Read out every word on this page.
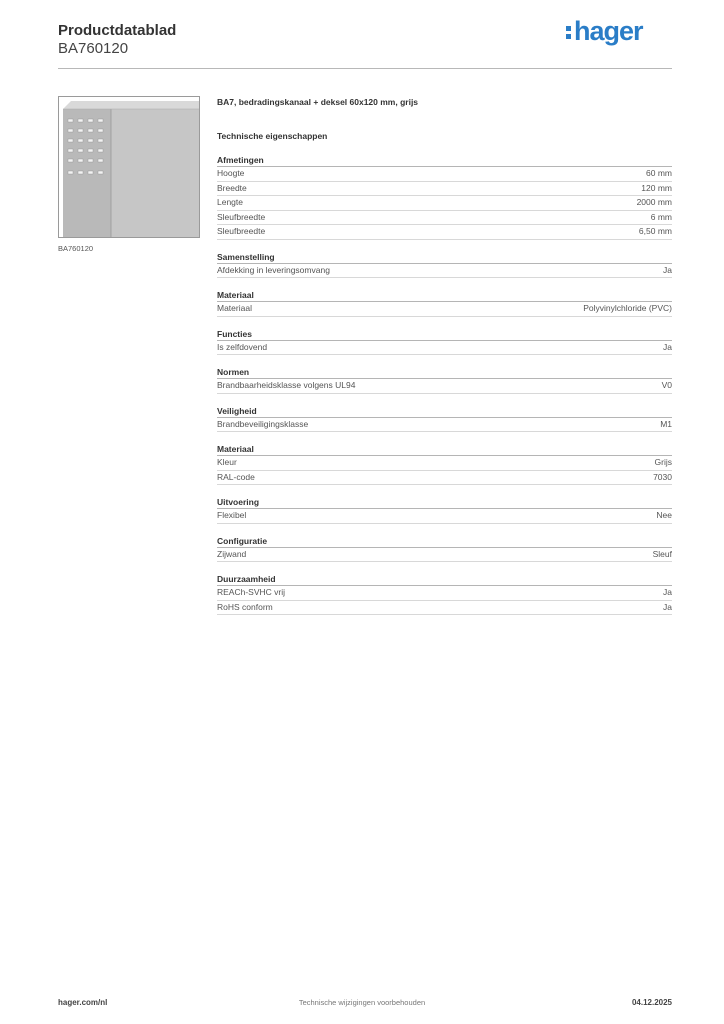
Productdatablad
BA760120
hager
BA760120
BA7, bedradingskanaal + deksel 60x120 mm, grijs
Technische eigenschappen
Afmetingen
Hoogte	60 mm
Breedte	120 mm
Lengte	2000 mm
Sleufbreedte	6 mm
Sleufbreedte	6,50 mm
Samenstelling
Afdekking in leveringsomvang	Ja
Materiaal
Materiaal	Polyvinylchloride (PVC)
Functies
Is zelfdovend	Ja
Normen
Brandbaarheidsklasse volgens UL94	V0
Veiligheid
Brandbeveiligingsklasse	M1
Materiaal
Kleur	Grijs
RAL-code	7030
Uitvoering
Flexibel	Nee
Configuratie
Zijwand	Sleuf
Duurzaamheid
REACh-SVHC vrij	Ja
RoHS conform	Ja
hager.com/nl	Technische wijzigingen voorbehouden	04.12.2025
